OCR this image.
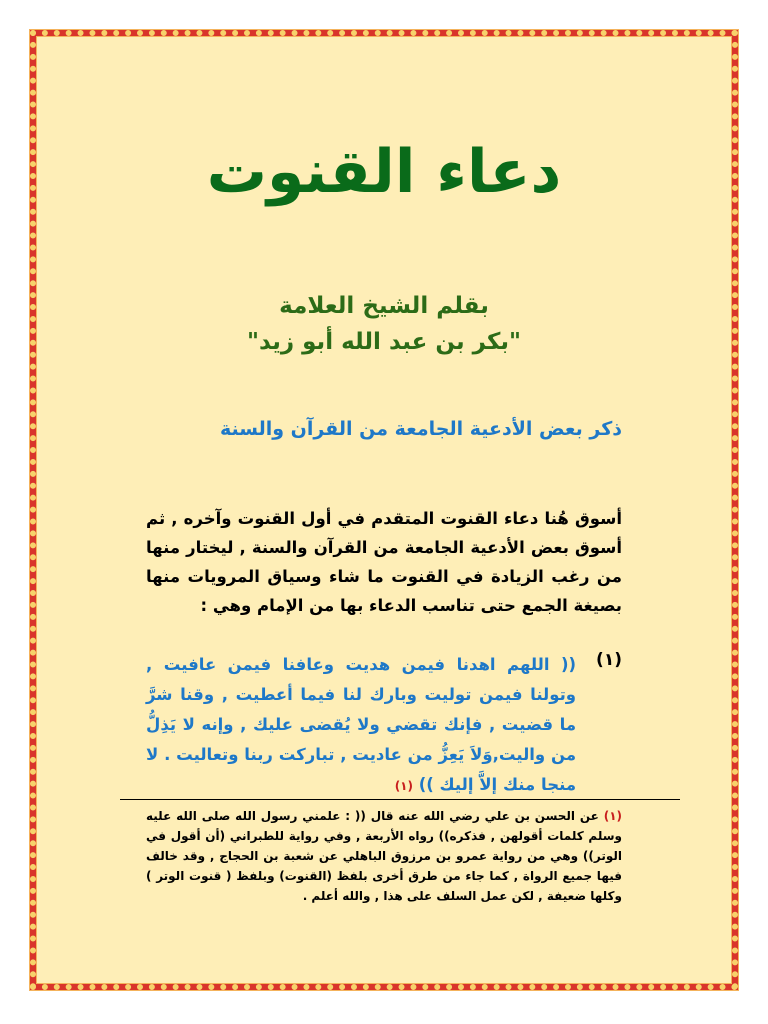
دعاء القنوت
بقلم الشيخ العلامة
"بكر بن عبد الله أبو زيد"
ذكر بعض الأدعية الجامعة من القرآن والسنة
أسوق هُنا دعاء القنوت المتقدم في أول القنوت وآخره , ثم أسوق بعض الأدعية الجامعة من القرآن والسنة , ليختار منها من رغب الزيادة في القنوت ما شاء وسياق المرويات منها بصيغة الجمع حتى تناسب الدعاء بها من الإمام وهي :
(١)
(( اللهم اهدنا فيمن هديت وعافنا فيمن عافيت , وتولنا فيمن توليت وبارك لنا فيما أعطيت , وقنا شرَّ ما قضيت , فإنك تقضي ولا يُقضى عليك , وإنه لا يَذِلُّ من واليت,وَلاَ يَعِزُّ من عاديت , تباركت ربنا وتعاليت . لا منجا منك إلاَّ إليك )) (١)
(١) عن الحسن بن علي رضي الله عنه قال (( : علمني رسول الله صلى الله عليه وسلم كلمات أقولهن , فذكره)) رواه الأربعة , وفي رواية للطبراني (أن أقول في الوتر)) وهي من رواية عمرو بن مرزوق الباهلي عن شعبة بن الحجاج , وقد خالف فيها جميع الرواة , كما جاء من طرق أخرى بلفظ (القنوت) وبلفظ ( قنوت الوتر ) وكلها ضعيفة , لكن عمل السلف على هذا , والله أعلم .
